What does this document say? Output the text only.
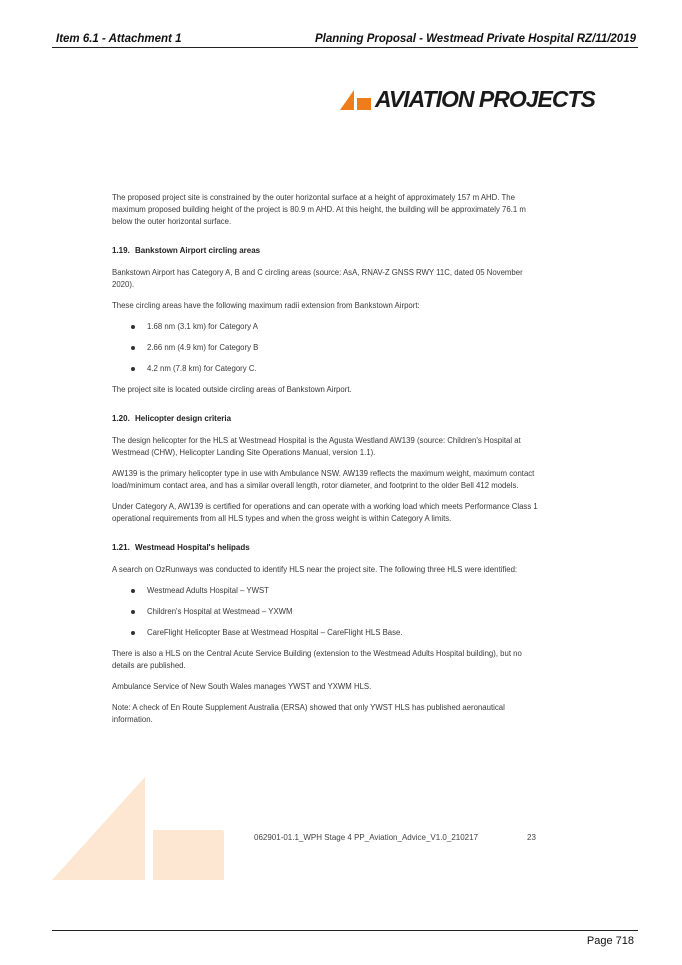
Item 6.1 - Attachment 1	Planning Proposal - Westmead Private Hospital RZ/11/2019
AVIATION PROJECTS

The proposed project site is constrained by the outer horizontal surface at a height of approximately 157 m AHD. The maximum proposed building height of the project is 80.9 m AHD. At this height, the building will be approximately 76.1 m below the outer horizontal surface.

1.19. Bankstown Airport circling areas

Bankstown Airport has Category A, B and C circling areas (source: AsA, RNAV-Z GNSS RWY 11C, dated 05 November 2020).

These circling areas have the following maximum radii extension from Bankstown Airport:

1.68 nm (3.1 km) for Category A
2.66 nm (4.9 km) for Category B
4.2 nm (7.8 km) for Category C.

The project site is located outside circling areas of Bankstown Airport.

1.20. Helicopter design criteria

The design helicopter for the HLS at Westmead Hospital is the Agusta Westland AW139 (source: Children's Hospital at Westmead (CHW), Helicopter Landing Site Operations Manual, version 1.1).

AW139 is the primary helicopter type in use with Ambulance NSW. AW139 reflects the maximum weight, maximum contact load/minimum contact area, and has a similar overall length, rotor diameter, and footprint to the older Bell 412 models.

Under Category A, AW139 is certified for operations and can operate with a working load which meets Performance Class 1 operational requirements from all HLS types and when the gross weight is within Category A limits.

1.21. Westmead Hospital's helipads

A search on OzRunways was conducted to identify HLS near the project site. The following three HLS were identified:

Westmead Adults Hospital – YWST
Children's Hospital at Westmead – YXWM
CareFlight Helicopter Base at Westmead Hospital – CareFlight HLS Base.

There is also a HLS on the Central Acute Service Building (extension to the Westmead Adults Hospital building), but no details are published.

Ambulance Service of New South Wales manages YWST and YXWM HLS.

Note: A check of En Route Supplement Australia (ERSA) showed that only YWST HLS has published aeronautical information.

062901-01.1_WPH Stage 4 PP_Aviation_Advice_V1.0_210217	23
Page 718
